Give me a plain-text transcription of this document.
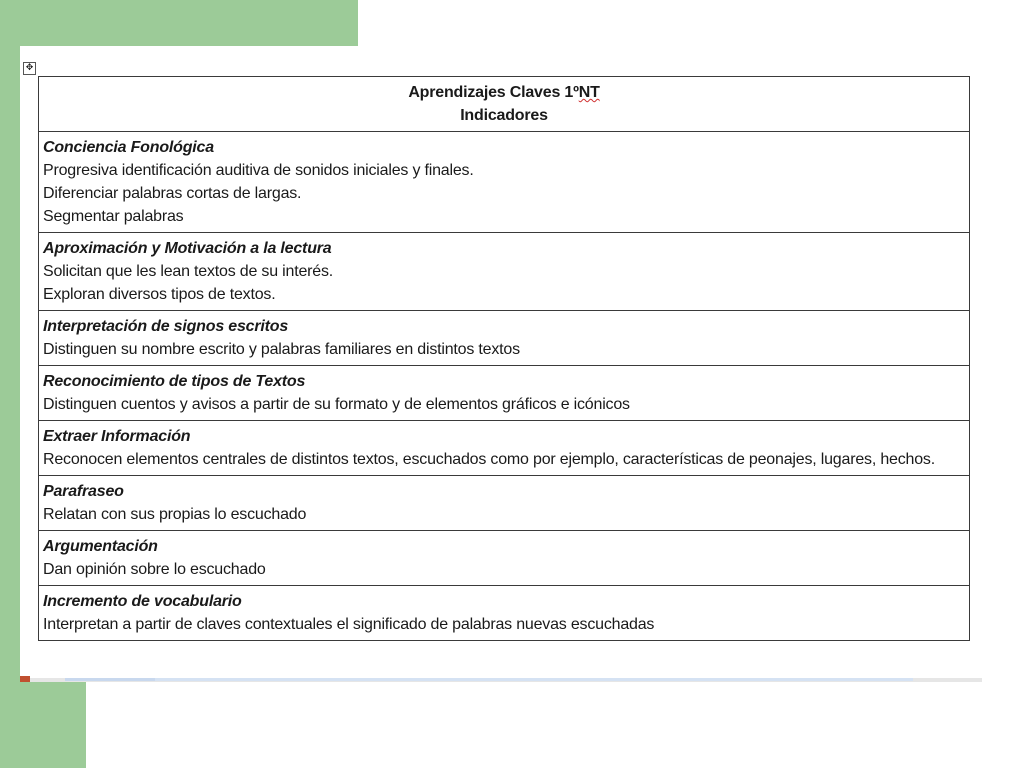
✥
Aprendizajes Claves 1ºNT
Indicadores

Conciencia Fonológica
Progresiva identificación auditiva de sonidos iniciales y finales.
Diferenciar palabras cortas de largas.
Segmentar palabras

Aproximación y Motivación a la lectura
Solicitan que les lean textos de su interés.
Exploran diversos tipos de textos.

Interpretación de signos escritos
Distinguen su nombre escrito y palabras familiares en distintos textos

Reconocimiento de tipos de Textos
Distinguen cuentos y avisos a partir de su formato y de elementos gráficos e icónicos

Extraer Información
Reconocen elementos centrales de distintos textos, escuchados como por ejemplo, características de peonajes, lugares, hechos.

Parafraseo
Relatan con sus propias lo escuchado

Argumentación
Dan opinión sobre lo escuchado

Incremento de vocabulario
Interpretan a partir de claves contextuales el significado de palabras nuevas escuchadas
